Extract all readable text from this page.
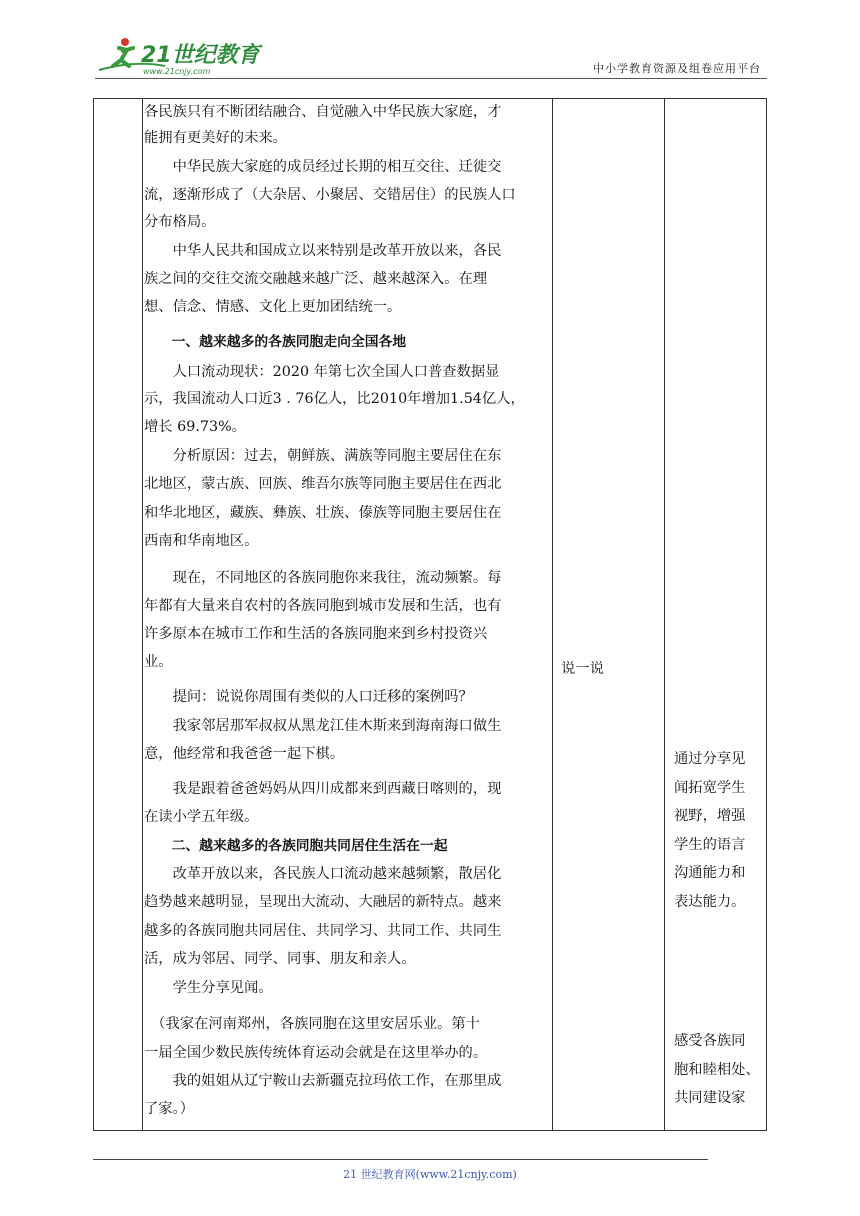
21世纪教育
www.21cnjy.com	中小学教育资源及组卷应用平台
各民族只有不断团结融合、自觉融入中华民族大家庭，才
能拥有更美好的未来。
　　中华民族大家庭的成员经过长期的相互交往、迁徙交
流，逐渐形成了（大杂居、小聚居、交错居住）的民族人口
分布格局。
　　中华人民共和国成立以来特别是改革开放以来，各民
族之间的交往交流交融越来越广泛、越来越深入。在理
想、信念、情感、文化上更加团结统一。
　　一、越来越多的各族同胞走向全国各地
　　人口流动现状：2020 年第七次全国人口普查数据显
示，我国流动人口近3 . 76亿人，比2010年增加1.54亿人，
增长 69.73%。
　　分析原因：过去，朝鲜族、满族等同胞主要居住在东
北地区，蒙古族、回族、维吾尔族等同胞主要居住在西北
和华北地区，藏族、彝族、壮族、傣族等同胞主要居住在
西南和华南地区。
　　现在，不同地区的各族同胞你来我往，流动频繁。每
年都有大量来自农村的各族同胞到城市发展和生活，也有
许多原本在城市工作和生活的各族同胞来到乡村投资兴
业。
　　提问：说说你周围有类似的人口迁移的案例吗？
　　我家邻居那军叔叔从黑龙江佳木斯来到海南海口做生
意，他经常和我爸爸一起下棋。
　　我是跟着爸爸妈妈从四川成都来到西藏日喀则的，现
在读小学五年级。
　　二、越来越多的各族同胞共同居住生活在一起
　　改革开放以来，各民族人口流动越来越频繁，散居化
趋势越来越明显，呈现出大流动、大融居的新特点。越来
越多的各族同胞共同居住、共同学习、共同工作、共同生
活，成为邻居、同学、同事、朋友和亲人。
　　学生分享见闻。
　（我家在河南郑州，各族同胞在这里安居乐业。第十
一届全国少数民族传统体育运动会就是在这里举办的。
　　我的姐姐从辽宁鞍山去新疆克拉玛依工作，在那里成
了家。）
说一说
通过分享见
闻拓宽学生
视野，增强
学生的语言
沟通能力和
表达能力。
感受各族同
胞和睦相处、
共同建设家
21 世纪教育网(www.21cnjy.com)
